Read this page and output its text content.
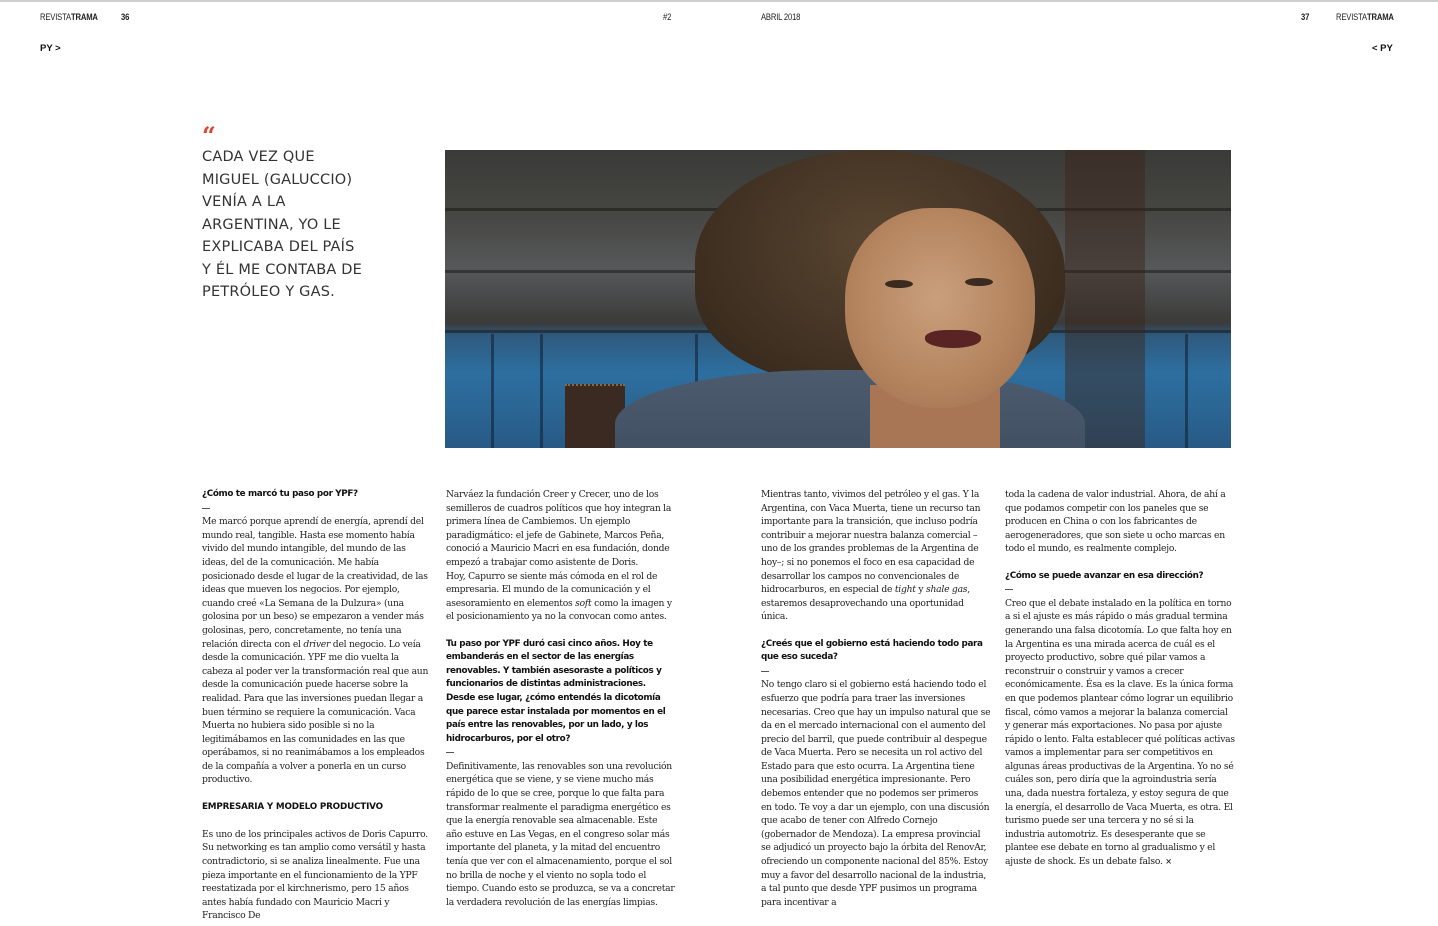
REVISTATRAMA	36	#2	ABRIL 2018	37	REVISTATRAMA
PY >	< PY
“
CADA VEZ QUE
MIGUEL (GALUCCIO)
VENÍA A LA
ARGENTINA, YO LE
EXPLICABA DEL PAÍS
Y ÉL ME CONTABA DE
PETRÓLEO Y GAS.

¿Cómo te marcó tu paso por YPF?

Me marcó porque aprendí de energía, aprendí del mundo real, tangible. Hasta ese momento había vivido del mundo intangible, del mundo de las ideas, del de la comunicación. Me había posicionado desde el lugar de la creatividad, de las ideas que mueven los negocios. Por ejemplo, cuando creé «La Semana de la Dulzura» (una golosina por un beso) se empezaron a vender más golosinas, pero, concretamente, no tenía una relación directa con el driver del negocio. Lo veía desde la comunicación. YPF me dio vuelta la cabeza al poder ver la transformación real que aun desde la comunicación puede hacerse sobre la realidad. Para que las inversiones puedan llegar a buen término se requiere la comunicación. Vaca Muerta no hubiera sido posible si no la legitimábamos en las comunidades en las que operábamos, si no reanimábamos a los empleados de la compañía a volver a ponerla en un curso productivo.

EMPRESARIA Y MODELO PRODUCTIVO

Es uno de los principales activos de Doris Capurro. Su networking es tan amplio como versátil y hasta contradictorio, si se analiza linealmente. Fue una pieza importante en el funcionamiento de la YPF reestatizada por el kirchnerismo, pero 15 años antes había fundado con Mauricio Macri y Francisco De

Narváez la fundación Creer y Crecer, uno de los semilleros de cuadros políticos que hoy integran la primera línea de Cambiemos. Un ejemplo paradigmático: el jefe de Gabinete, Marcos Peña, conoció a Mauricio Macri en esa fundación, donde empezó a trabajar como asistente de Doris.

Hoy, Capurro se siente más cómoda en el rol de empresaria. El mundo de la comunicación y el asesoramiento en elementos soft como la imagen y el posicionamiento ya no la convocan como antes.

Tu paso por YPF duró casi cinco años. Hoy te embanderás en el sector de las energías renovables. Y también asesoraste a políticos y funcionarios de distintas administraciones. Desde ese lugar, ¿cómo entendés la dicotomía que parece estar instalada por momentos en el país entre las renovables, por un lado, y los hidrocarburos, por el otro?

Definitivamente, las renovables son una revolución energética que se viene, y se viene mucho más rápido de lo que se cree, porque lo que falta para transformar realmente el paradigma energético es que la energía renovable sea almacenable. Este año estuve en Las Vegas, en el congreso solar más importante del planeta, y la mitad del encuentro tenía que ver con el almacenamiento, porque el sol no brilla de noche y el viento no sopla todo el tiempo. Cuando esto se produzca, se va a concretar la verdadera revolución de las energías limpias.

Mientras tanto, vivimos del petróleo y el gas. Y la Argentina, con Vaca Muerta, tiene un recurso tan importante para la transición, que incluso podría contribuir a mejorar nuestra balanza comercial –uno de los grandes problemas de la Argentina de hoy–; si no ponemos el foco en esa capacidad de desarrollar los campos no convencionales de hidrocarburos, en especial de tight y shale gas, estaremos desaprovechando una oportunidad única.

¿Creés que el gobierno está haciendo todo para que eso suceda?

No tengo claro si el gobierno está haciendo todo el esfuerzo que podría para traer las inversiones necesarias. Creo que hay un impulso natural que se da en el mercado internacional con el aumento del precio del barril, que puede contribuir al despegue de Vaca Muerta. Pero se necesita un rol activo del Estado para que esto ocurra. La Argentina tiene una posibilidad energética impresionante. Pero debemos entender que no podemos ser primeros en todo. Te voy a dar un ejemplo, con una discusión que acabo de tener con Alfredo Cornejo (gobernador de Mendoza). La empresa provincial se adjudicó un proyecto bajo la órbita del RenovAr, ofreciendo un componente nacional del 85%. Estoy muy a favor del desarrollo nacional de la industria, a tal punto que desde YPF pusimos un programa para incentivar a

toda la cadena de valor industrial. Ahora, de ahí a que podamos competir con los paneles que se producen en China o con los fabricantes de aerogeneradores, que son siete u ocho marcas en todo el mundo, es realmente complejo.

¿Cómo se puede avanzar en esa dirección?

Creo que el debate instalado en la política en torno a si el ajuste es más rápido o más gradual termina generando una falsa dicotomía. Lo que falta hoy en la Argentina es una mirada acerca de cuál es el proyecto productivo, sobre qué pilar vamos a reconstruir o construir y vamos a crecer económicamente. Ésa es la clave. Es la única forma en que podemos plantear cómo lograr un equilibrio fiscal, cómo vamos a mejorar la balanza comercial y generar más exportaciones. No pasa por ajuste rápido o lento. Falta establecer qué políticas activas vamos a implementar para ser competitivos en algunas áreas productivas de la Argentina. Yo no sé cuáles son, pero diría que la agroindustria sería una, dada nuestra fortaleza, y estoy segura de que la energía, el desarrollo de Vaca Muerta, es otra. El turismo puede ser una tercera y no sé si la industria automotriz. Es desesperante que se plantee ese debate en torno al gradualismo y el ajuste de shock. Es un debate falso. ×
